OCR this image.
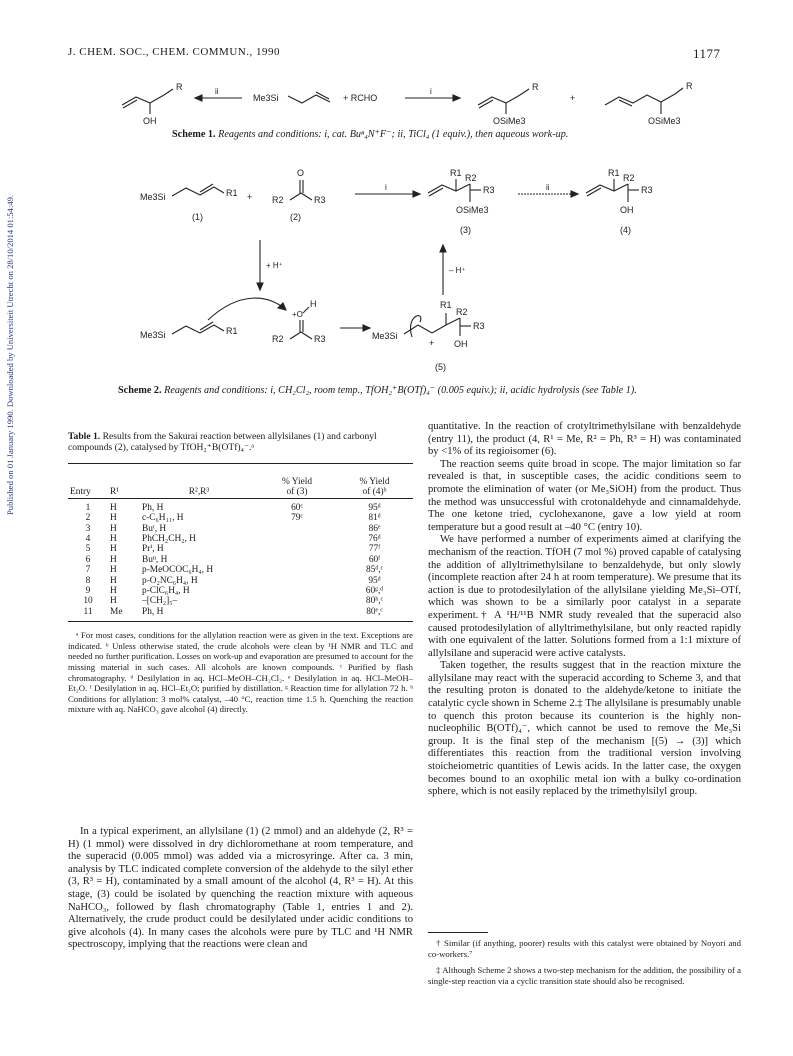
J. CHEM. SOC., CHEM. COMMUN., 1990	1177
Published on 01 January 1990. Downloaded by Universiteit Utrecht on 28/10/2014 01:54:49.
R
OH
ii
Me3Si	+ RCHO
i	R
OSiMe3
+
R
OSiMe3
Scheme 1. Reagents and conditions: i, cat. Buⁿ₄N⁺F⁻; ii, TiCl₄ (1 equiv.), then aqueous work-up.
Me3Si	R1 +
O
R2	R3
(1)	(2)
i
R1 R2
R3
OSiMe3
(3)
ii
R1 R2
R3
OH
(4)
+ H⁺
– H⁺
Me3Si	R1
+O
H
R2	R3	Me3Si
R1
R2
R3
+ OH
(5)
Scheme 2. Reagents and conditions: i, CH₂Cl₂, room temp., TfOH₂⁺B(OTf)₄⁻ (0.005 equiv.); ii, acidic hydrolysis (see Table 1).
Table 1. Results from the Sakurai reaction between allylsilanes (1) and carbonyl compounds (2), catalysed by TfOH₂⁺B(OTf)₄⁻.ᵃ

			% Yield	% Yield
Entry	R¹	R²,R³	of (3)	of (4)ᵇ

1	H	Ph, H	60ᶜ	95ᵈ
2	H	c-C₆H₁₁, H	79ᶜ	81ᵈ
3	H	Buᵗ, H		86ᵉ
4	H	PhCH₂CH₂, H		76ᵈ
5	H	Prⁱ, H		77ᶠ
6	H	Buⁿ, H		60ᶠ
7	H	p-MeOCOC₆H₄, H		85ᵈ,ᶜ
8	H	p-O₂NC₆H₄, H		95ᵈ
9	H	p-ClC₆H₄, H		60ᵍ,ᵈ
10	H	–[CH₂]₅–		80ʰ,ᶜ
11	Me	Ph, H		80ᵉ,ᶜ

ᵃ For most cases, conditions for the allylation reaction were as given in the text. Exceptions are indicated. ᵇ Unless otherwise stated, the crude alcohols were clean by ¹H NMR and TLC and needed no further purification. Losses on work-up and evaporation are presumed to account for the missing material in such cases. All alcohols are known compounds. ᶜ Purified by flash chromatography. ᵈ Desilylation in aq. HCl–MeOH–CH₂Cl₂. ᵉ Desilylation in aq. HCl–MeOH–Et₂O. ᶠ Desilylation in aq. HCl–Et₂O; purified by distillation. ᵍ Reaction time for allylation 72 h. ʰ Conditions for allylation: 3 mol% catalyst, –40 °C, reaction time 1.5 h. Quenching the reaction mixture with aq. NaHCO₃ gave alcohol (4) directly.

In a typical experiment, an allylsilane (1) (2 mmol) and an aldehyde (2, R³ = H) (1 mmol) were dissolved in dry dichloromethane at room temperature, and the superacid (0.005 mmol) was added via a microsyringe. After ca. 3 min, analysis by TLC indicated complete conversion of the aldehyde to the silyl ether (3, R³ = H), contaminated by a small amount of the alcohol (4, R³ = H). At this stage, (3) could be isolated by quenching the reaction mixture with aqueous NaHCO₃, followed by flash chromatography (Table 1, entries 1 and 2). Alternatively, the crude product could be desilylated under acidic conditions to give alcohols (4). In many cases the alcohols were pure by TLC and ¹H NMR spectroscopy, implying that the reactions were clean and

quantitative. In the reaction of crotyltrimethylsilane with benzaldehyde (entry 11), the product (4, R¹ = Me, R² = Ph, R³ = H) was contaminated by <1% of its regioisomer (6).

The reaction seems quite broad in scope. The major limitation so far revealed is that, in susceptible cases, the acidic conditions seem to promote the elimination of water (or Me₃SiOH) from the product. Thus the method was unsuccessful with crotonaldehyde and cinnamaldehyde. The one ketone tried, cyclohexanone, gave a low yield at room temperature but a good result at –40 °C (entry 10).

We have performed a number of experiments aimed at clarifying the mechanism of the reaction. TfOH (7 mol %) proved capable of catalysing the addition of allyltrimethylsilane to benzaldehyde, but only slowly (incomplete reaction after 24 h at room temperature). We presume that its action is due to protodesilylation of the allylsilane yielding Me₃Si–OTf, which was shown to be a similarly poor catalyst in a separate experiment.† A ¹H/¹¹B NMR study revealed that the superacid also caused protodesilylation of allyltrimethylsilane, but only reacted rapidly with one equivalent of the latter. Solutions formed from a 1:1 mixture of allylsilane and superacid were active catalysts.

Taken together, the results suggest that in the reaction mixture the allylsilane may react with the superacid according to Scheme 3, and that the resulting proton is donated to the aldehyde/ketone to initiate the catalytic cycle shown in Scheme 2.‡ The allylsilane is presumably unable to quench this proton because its counterion is the highly non-nucleophilic B(OTf)₄⁻, which cannot be used to remove the Me₃Si group. It is the final step of the mechanism [(5) → (3)] which differentiates this reaction from the traditional version involving stoicheiometric quantities of Lewis acids. In the latter case, the oxygen becomes bound to an oxophilic metal ion with a bulky co-ordination sphere, which is not easily replaced by the trimethylsilyl group.

† Similar (if anything, poorer) results with this catalyst were obtained by Noyori and co-workers.⁷

‡ Although Scheme 2 shows a two-step mechanism for the addition, the possibility of a single-step reaction via a cyclic transition state should also be recognised.
